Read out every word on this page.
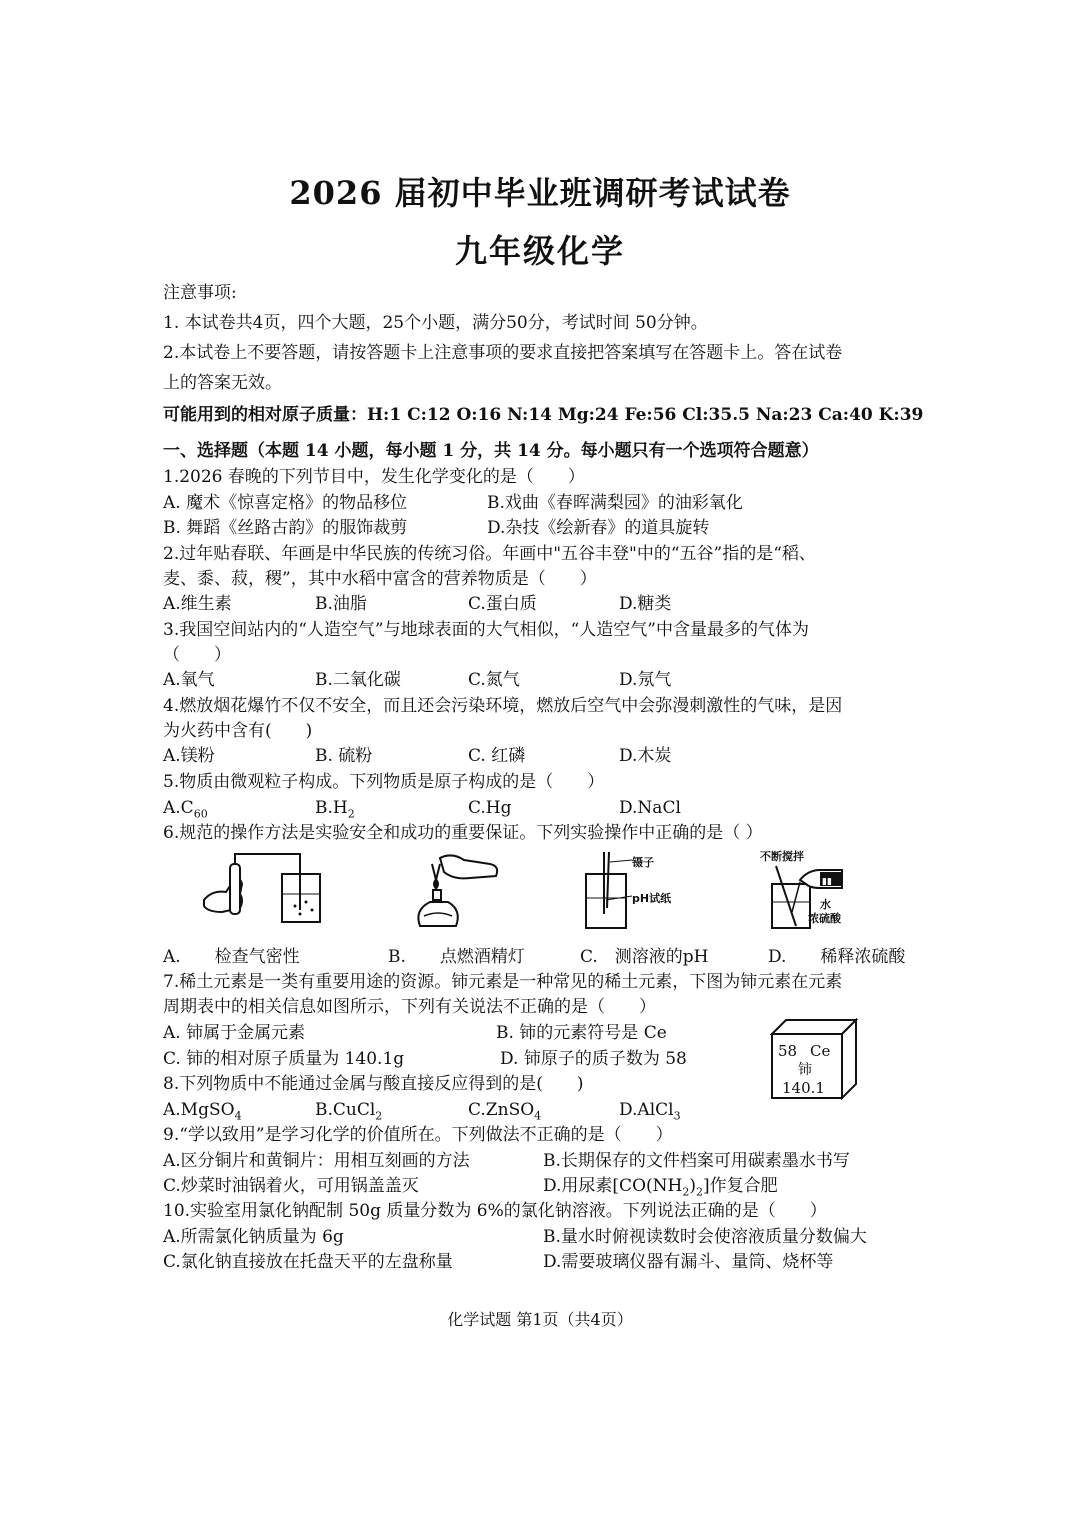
2026 届初中毕业班调研考试试卷
九年级化学
注意事项:
1. 本试卷共4页，四个大题，25个小题，满分50分，考试时间 50分钟。
2.本试卷上不要答题，请按答题卡上注意事项的要求直接把答案填写在答题卡上。答在试卷
上的答案无效。
可能用到的相对原子质量：H:1 C:12 O:16 N:14 Mg:24 Fe:56 Cl:35.5 Na:23 Ca:40 K:39
一、选择题（本题 14 小题，每小题 1 分，共 14 分。每小题只有一个选项符合题意）
1.2026 春晚的下列节目中，发生化学变化的是（　　）
A. 魔术《惊喜定格》的物品移位	B.戏曲《春晖满梨园》的油彩氧化
B. 舞蹈《丝路古韵》的服饰裁剪	D.杂技《绘新春》的道具旋转
2.过年贴春联、年画是中华民族的传统习俗。年画中"五谷丰登"中的“五谷”指的是“稻、
麦、黍、菽，稷”，其中水稻中富含的营养物质是（　　）
A.维生素	B.油脂	C.蛋白质	D.糖类
3.我国空间站内的“人造空气”与地球表面的大气相似，“人造空气”中含量最多的气体为
（　　）
A.氧气	B.二氧化碳	C.氮气	D.氖气
4.燃放烟花爆竹不仅不安全，而且还会污染环境，燃放后空气中会弥漫刺激性的气味，是因
为火药中含有(　　)
A.镁粉	B. 硫粉	C. 红磷	D.木炭
5.物质由微观粒子构成。下列物质是原子构成的是（　　）
$A.C_{60}$	$B.H_2$	C.Hg	D.NaCl
6.规范的操作方法是实验安全和成功的重要保证。下列实验操作中正确的是（ ）
镊子
pH试纸
不断搅拌
▮▮
水
浓硫酸
A.　　检查气密性	B.　　点燃酒精灯	C.　测溶液的pH	D.　　稀释浓硫酸
7.稀土元素是一类有重要用途的资源。铈元素是一种常见的稀土元素，下图为铈元素在元素
周期表中的相关信息如图所示，下列有关说法不正确的是（　　）
A. 铈属于金属元素	B. 铈的元素符号是 Ce
C. 铈的相对原子质量为 140.1g	D. 铈原子的质子数为 58	58 Ce
铈
140.1
8.下列物质中不能通过金属与酸直接反应得到的是(　　)
A.MgSO$_4$	B.CuCl$_2$	C.ZnSO$_4$	D.AlCl$_3$
9.“学以致用”是学习化学的价值所在。下列做法不正确的是（　　）
A.区分铜片和黄铜片：用相互刻画的方法	B.长期保存的文件档案可用碳素墨水书写
C.炒菜时油锅着火，可用锅盖盖灭	D.用尿素$[CO(NH_2)_2]$作复合肥
10.实验室用氯化钠配制 50g 质量分数为 6%的氯化钠溶液。下列说法正确的是（　　）
A.所需氯化钠质量为 6g	B.量水时俯视读数时会使溶液质量分数偏大
C.氯化钠直接放在托盘天平的左盘称量	D.需要玻璃仪器有漏斗、量筒、烧杯等
化学试题 第1页（共4页）
